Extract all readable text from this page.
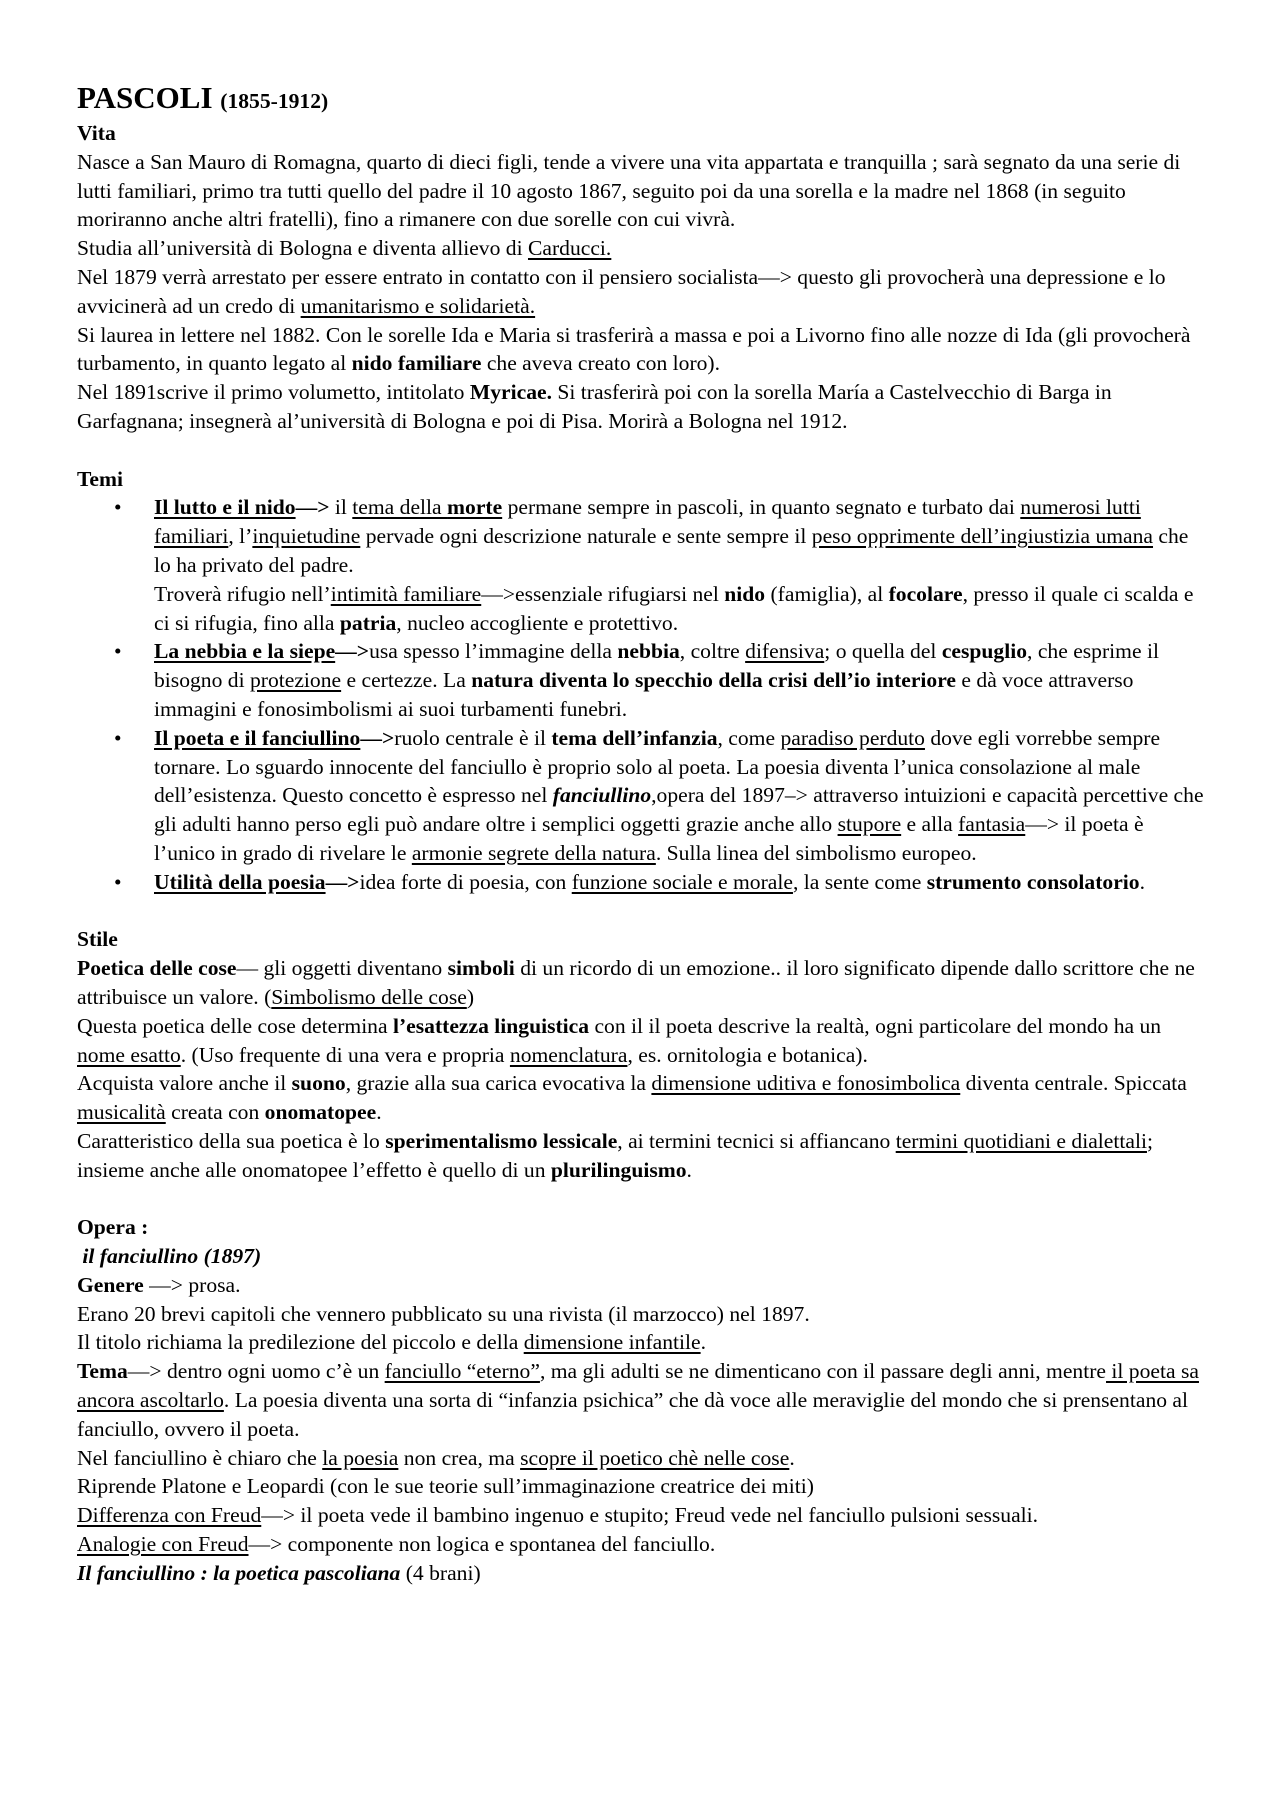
PASCOLI (1855-1912)

Vita

Nasce a San Mauro di Romagna, quarto di dieci figli, tende a vivere una vita appartata e tranquilla ; sarà segnato da una serie di lutti familiari, primo tra tutti quello del padre il 10 agosto 1867, seguito poi da una sorella e la madre nel 1868 (in seguito moriranno anche altri fratelli), fino a rimanere con due sorelle con cui vivrà.

Studia all’università di Bologna e diventa allievo di Carducci.

Nel 1879 verrà arrestato per essere entrato in contatto con il pensiero socialista—> questo gli provocherà una depressione e lo avvicinerà ad un credo di umanitarismo e solidarietà.

Si laurea in lettere nel 1882. Con le sorelle Ida e Maria si trasferirà a massa e poi a Livorno fino alle nozze di Ida (gli provocherà turbamento, in quanto legato al nido familiare che aveva creato con loro).

Nel 1891scrive il primo volumetto, intitolato Myricae. Si trasferirà poi con la sorella María a Castelvecchio di Barga in Garfagnana; insegnerà al’università di Bologna e poi di Pisa. Morirà a Bologna nel 1912.

Temi

• Il lutto e il nido—> il tema della morte permane sempre in pascoli, in quanto segnato e turbato dai numerosi lutti familiari, l’inquietudine pervade ogni descrizione naturale e sente sempre il peso opprimente dell’ingiustizia umana che lo ha privato del padre.

Troverà rifugio nell’intimità familiare—>essenziale rifugiarsi nel nido (famiglia), al focolare, presso il quale ci scalda e ci si rifugia, fino alla patria, nucleo accogliente e protettivo.

• La nebbia e la siepe—>usa spesso l’immagine della nebbia, coltre difensiva; o quella del cespuglio, che esprime il bisogno di protezione e certezze. La natura diventa lo specchio della crisi dell’io interiore e dà voce attraverso immagini e fonosimbolismi ai suoi turbamenti funebri.

• Il poeta e il fanciullino—>ruolo centrale è il tema dell’infanzia, come paradiso perduto dove egli vorrebbe sempre tornare. Lo sguardo innocente del fanciullo è proprio solo al poeta. La poesia diventa l’unica consolazione al male dell’esistenza. Questo concetto è espresso nel fanciullino,opera del 1897–> attraverso intuizioni e capacità percettive che gli adulti hanno perso egli può andare oltre i semplici oggetti grazie anche allo stupore e alla fantasia—> il poeta è l’unico in grado di rivelare le armonie segrete della natura. Sulla linea del simbolismo europeo.

• Utilità della poesia—>idea forte di poesia, con funzione sociale e morale, la sente come strumento consolatorio.

Stile

Poetica delle cose— gli oggetti diventano simboli di un ricordo di un emozione.. il loro significato dipende dallo scrittore che ne attribuisce un valore. (Simbolismo delle cose)

Questa poetica delle cose determina l’esattezza linguistica con il il poeta descrive la realtà, ogni particolare del mondo ha un nome esatto. (Uso frequente di una vera e propria nomenclatura, es. ornitologia e botanica).

Acquista valore anche il suono, grazie alla sua carica evocativa la dimensione uditiva e fonosimbolica diventa centrale. Spiccata musicalità creata con onomatopee.

Caratteristico della sua poetica è lo sperimentalismo lessicale, ai termini tecnici si affiancano termini quotidiani e dialettali; insieme anche alle onomatopee l’effetto è quello di un plurilinguismo.

Opera :

il fanciullino (1897)

Genere —> prosa.

Erano 20 brevi capitoli che vennero pubblicato su una rivista (il marzocco) nel 1897.

Il titolo richiama la predilezione del piccolo e della dimensione infantile.

Tema—> dentro ogni uomo c’è un fanciullo “eterno”, ma gli adulti se ne dimenticano con il passare degli anni, mentre il poeta sa ancora ascoltarlo. La poesia diventa una sorta di “infanzia psichica” che dà voce alle meraviglie del mondo che si prensentano al fanciullo, ovvero il poeta.

Nel fanciullino è chiaro che la poesia non crea, ma scopre il poetico chè nelle cose.

Riprende Platone e Leopardi (con le sue teorie sull’immaginazione creatrice dei miti)

Differenza con Freud—> il poeta vede il bambino ingenuo e stupito; Freud vede nel fanciullo pulsioni sessuali.

Analogie con Freud—> componente non logica e spontanea del fanciullo.

Il fanciullino : la poetica pascoliana (4 brani)
